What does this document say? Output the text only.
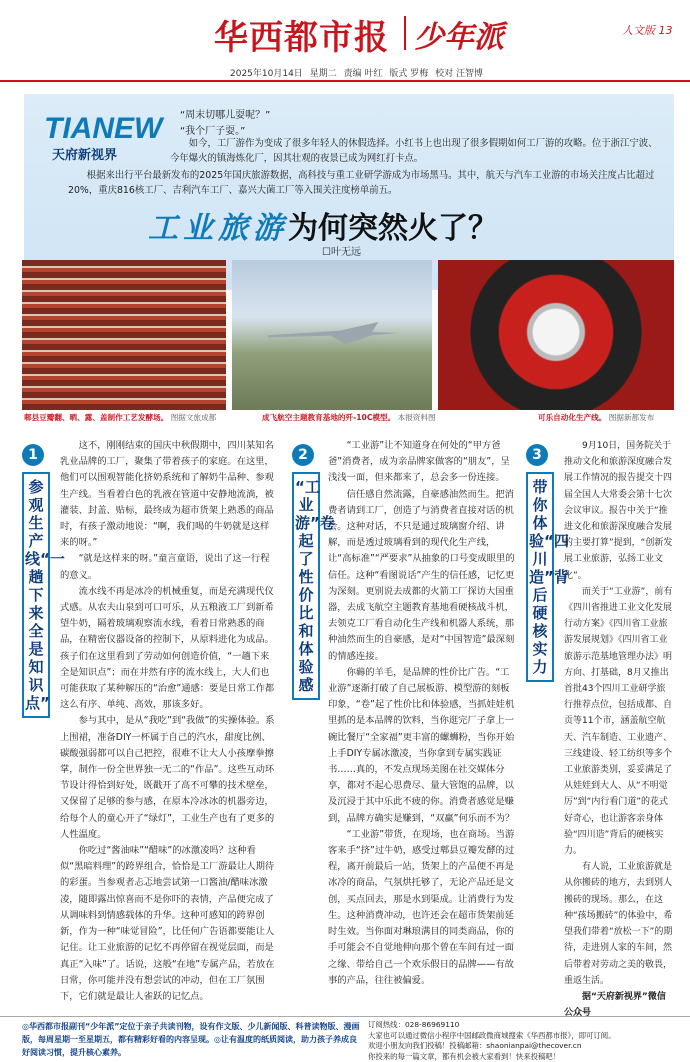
华西都市报 少年派	人文版 13
2025年10月14日 星期二 责编 叶红 版式 罗梅 校对 汪智博
TIANEW
天府新视界
“周末切哪儿耍呢？”
“我个厂子耍。”

如今，工厂游作为变成了很多年轻人的休假选择。小红书上也出现了很多假期如何工厂游的攻略。位于浙江宁波、今年爆火的镇海炼化厂，因其壮观的夜景已成为网红打卡点。

根据来出行平台最新发布的2025年国庆旅游数据，高科技与重工业研学游成为市场黑马。其中，航天与汽车工业游的市场关注度占比超过20%，重庆816核工厂、吉利汽车工厂、嘉兴大菌工厂等入围关注度榜单前五。

工业旅游为何突然火了？
☐叶无远
郫县豆瓣翻、晒、露、盖制作工艺发酵场。 图据文旅成都	成飞航空主题教育基地的歼-10C模型。 本报资料图	可乐自动化生产线。 图据新都发布
1
参观生产线“一趟下来全是知识点”

这不，刚刚结束的国庆中秋假期中，四川某知名乳业品牌的工厂，聚集了带着孩子的家庭。在这里，他们可以围观智能化挤奶系统和了解奶牛品种、参观生产线。当看着白色的乳液在管道中安静地流淌，被灌装、封盖、贴标，最终成为超市货架上熟悉的商品时，有孩子激动地说：“啊，我们喝的牛奶就是这样来的呀。”

“就是这样来的呀。”童言童语，说出了这一行程的意义。

流水线不再是冰冷的机械重复，而是充满现代仪式感。从农夫山泉到可口可乐，从五粮液工厂到新希望牛奶，隔着玻璃观察流水线，看着日常熟悉的商品，在精密仪器设备的控制下，从原料进化为成品。孩子们在这里看到了劳动如何创造价值，“一趟下来全是知识点”；而在井然有序的流水线上，大人们也可能获取了某种解压的“治愈”通感：要是日常工作都这么有序、单纯、高效，那该多好。

参与其中，是从“我吃”到“我做”的实操体验。系上围裙，准备DIY一杯属于自己的汽水，甜度比例、碳酸强弱都可以自己把控，很难不让大人小孩摩拳擦掌，制作一份全世界独一无二的“作品”。这些互动环节设计得恰到好处，既戳开了高不可攀的技术壁垒，又保留了足够的参与感，在原本冷冰冰的机器旁边，给每个人的童心开了“绿灯”，工业生产也有了更多的人性温度。

你吃过“酱油味”“醋味”的冰激凌吗？这种看似“黑暗料理”的跨界组合，恰恰是工厂游最让人期待的彩蛋。当参观者忐忑地尝试第一口酱油/醋味冰激凌，随即露出惊喜而不是你吓的表情，产品便完成了从调味料到情感载体的升华。这种可感知的跨界创新，作为一种“味觉冒险”，比任何广告语都要能让人记住。让工业旅游的记忆不再停留在视觉层面，而是真正“入味”了。话说，这般“在地”专属产品，若放在日常，你可能并没有想尝试的冲动，但在工厂氛围下，它们就是最让人雀跃的记忆点。

2
“工业游”卷起了性价比和体验感

“工业游”让不知道身在何处的“甲方爸爸”消费者，成为亲品牌家做客的“朋友”，呈浅浅一面，但来都来了，总会多一份连接。

信任感自然流露，自豪感油然而生。把消费者请到工厂，创造了与消费者直接对话的机会。这种对话，不只是通过玻璃窗介绍、讲解，而是透过玻璃看到的现代化生产线，让“高标准”“严要求”从抽象的口号变成眼里的信任。这种“看图说话”产生的信任感，记忆更为深刻。更别说去成都的火箭工厂探访大国重器，去成飞航空主题教育基地看硬核战斗机，去领克工厂看自动化生产线和机器人系统，那种油然而生的自豪感，是对“中国智造”最深刻的情感连接。

你薅的羊毛，是品牌的性价比广告。“工业游”逐渐打破了自己展板游、模型游的刻板印象，“卷”起了性价比和体验感，当抓娃娃机里抓的是本品牌的饮料，当你逛完厂子拿上一碗比餐厅“全家福”更丰富的螺蛳粉，当你开始上手DIY专属冰激凌，当你拿到专属实践证书……真的，不发点现场美图在社交媒体分享，都对不起心思费尽、量大管饱的品牌，以及沉浸于其中乐此不疲的你。消费者感觉是赚到，品牌方确实是赚到，“双赢”何乐而不为？

“工业游”带货，在现场，也在商场。当游客来手“挤”过牛奶，感受过郫县豆瓣发酵的过程，离开前最后一站，货架上的产品便不再是冰冷的商品，气氛烘托够了，无论产品还是文创，买点回去，那是水到渠成。让消费行为发生。这种消费冲动，也许还会在超市货架前延时生效。当你面对琳琅满目的同类商品，你的手可能会不自觉地伸向那个曾在车间有过一面之缘、带给自己一个欢乐假日的品牌——有故事的产品，往往被偏爱。

3
带你体验“四川造”背后硬核实力

9月10日，国务院关于推动文化和旅游深度融合发展工作情况的报告提交十四届全国人大常委会第十七次会议审议。报告中关于“推进文化和旅游深度融合发展的主要打算”提到，“创新发展工业旅游，弘扬工业文化”。

而关于“工业游”，前有《四川省推进工业文化发展行动方案》《四川省工业旅游发展规划》《四川省工业旅游示范基地管理办法》明方向、打基础，8月又推出首批43个四川工业研学旅行推荐点位，包括成都、自贡等11个市，涵盖航空航天、汽车制造、工业遗产、三线建设、轻工纺织等多个工业旅游类别，妥妥满足了从娃娃到大人、从“不明觉厉”到“内行看门道”的花式好奇心，也让游客亲身体验“四川造”背后的硬核实力。

有人说，工业旅游就是从你搬砖的地方，去到别人搬砖的现场。那么，在这种“孩场搬砖”的体验中，希望我们带着“放松一下”的期待，走进别人家的车间，然后带着对劳动之美的敬畏，重返生活。

据“天府新视界”微信公众号

◎华西都市报副刊“少年派”定位于亲子共读刊物，设有作文版、少儿新闻版、科普读物版、漫画版，每周星期一至星期五，都有精彩好看的内容呈现。◎让有温度的纸质阅读，助力孩子养成良好阅读习惯，提升核心素养。
订阅热线：028-86969110
大家也可以通过微信小程序中国邮政微商城搜索《华西都市报》，即可订阅。
欢迎小朋友向我们投稿！投稿邮箱：shaonianpai@thecover.cn
你投来的每一篇文章，都有机会被大家看到！快来投稿吧！
